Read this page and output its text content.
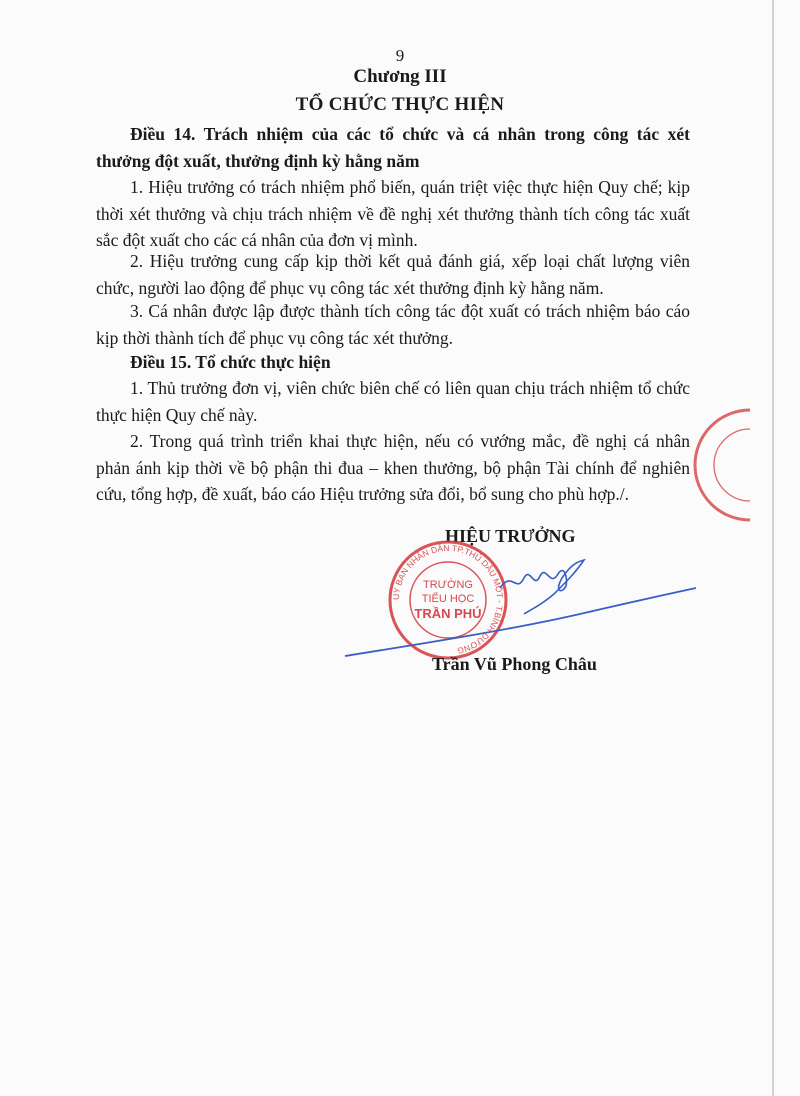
9
Chương III
TỔ CHỨC THỰC HIỆN
Điều 14. Trách nhiệm của các tổ chức và cá nhân trong công tác xét thưởng đột xuất, thưởng định kỳ hằng năm
1. Hiệu trưởng có trách nhiệm phổ biến, quán triệt việc thực hiện Quy chế; kịp thời xét thưởng và chịu trách nhiệm về đề nghị xét thưởng thành tích công tác xuất sắc đột xuất cho các cá nhân của đơn vị mình.
2. Hiệu trưởng cung cấp kịp thời kết quả đánh giá, xếp loại chất lượng viên chức, người lao động để phục vụ công tác xét thưởng định kỳ hằng năm.
3. Cá nhân được lập được thành tích công tác đột xuất có trách nhiệm báo cáo kịp thời thành tích để phục vụ công tác xét thưởng.
Điều 15. Tổ chức thực hiện
1. Thủ trưởng đơn vị, viên chức biên chế có liên quan chịu trách nhiệm tổ chức thực hiện Quy chế này.
2. Trong quá trình triển khai thực hiện, nếu có vướng mắc, đề nghị cá nhân phản ánh kịp thời về bộ phận thi đua – khen thưởng, bộ phận Tài chính để nghiên cứu, tổng hợp, đề xuất, báo cáo Hiệu trưởng sửa đổi, bổ sung cho phù hợp./.
HIỆU TRƯỞNG
UY BAN NHÂN DÂN TP.THỦ DẦU MỘT - T.BÌNH DƯƠNG
TRƯỜNG
TIỂU HỌC
TRẦN PHÚ
Trần Vũ Phong Châu
